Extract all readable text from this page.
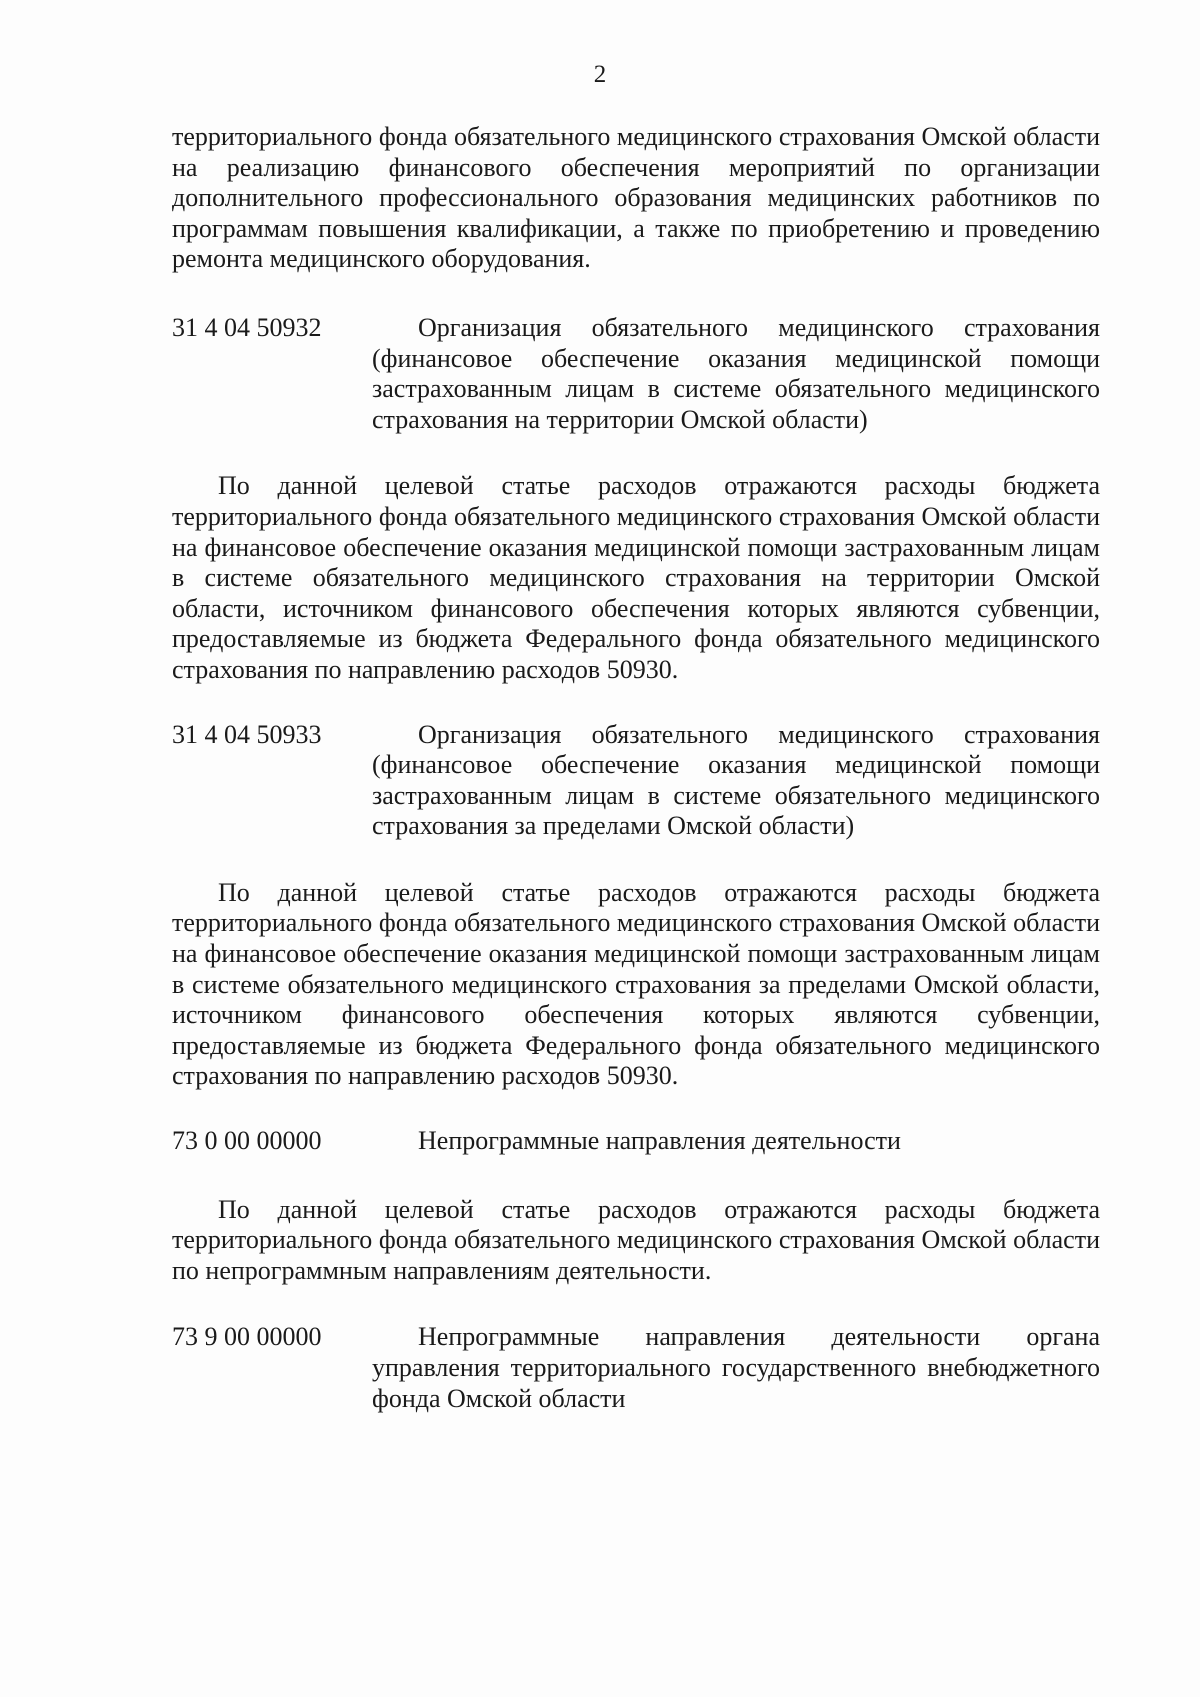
2

территориального фонда обязательного медицинского страхования Омской области на реализацию финансового обеспечения мероприятий по организации дополнительного профессионального образования медицинских работников по программам повышения квалификации, а также по приобретению и проведению ремонта медицинского оборудования.

31 4 04 50932	Организация обязательного медицинского страхования (финансовое обеспечение оказания медицинской помощи застрахованным лицам в системе обязательного медицинского страхования на территории Омской области)

По данной целевой статье расходов отражаются расходы бюджета территориального фонда обязательного медицинского страхования Омской области на финансовое обеспечение оказания медицинской помощи застрахованным лицам в системе обязательного медицинского страхования на территории Омской области, источником финансового обеспечения которых являются субвенции, предоставляемые из бюджета Федерального фонда обязательного медицинского страхования по направлению расходов 50930.

31 4 04 50933	Организация обязательного медицинского страхования (финансовое обеспечение оказания медицинской помощи застрахованным лицам в системе обязательного медицинского страхования за пределами Омской области)

По данной целевой статье расходов отражаются расходы бюджета территориального фонда обязательного медицинского страхования Омской области на финансовое обеспечение оказания медицинской помощи застрахованным лицам в системе обязательного медицинского страхования за пределами Омской области, источником финансового обеспечения которых являются субвенции, предоставляемые из бюджета Федерального фонда обязательного медицинского страхования по направлению расходов 50930.

73 0 00 00000	Непрограммные направления деятельности

По данной целевой статье расходов отражаются расходы бюджета территориального фонда обязательного медицинского страхования Омской области по непрограммным направлениям деятельности.

73 9 00 00000	Непрограммные направления деятельности органа управления территориального государственного внебюджетного фонда Омской области
